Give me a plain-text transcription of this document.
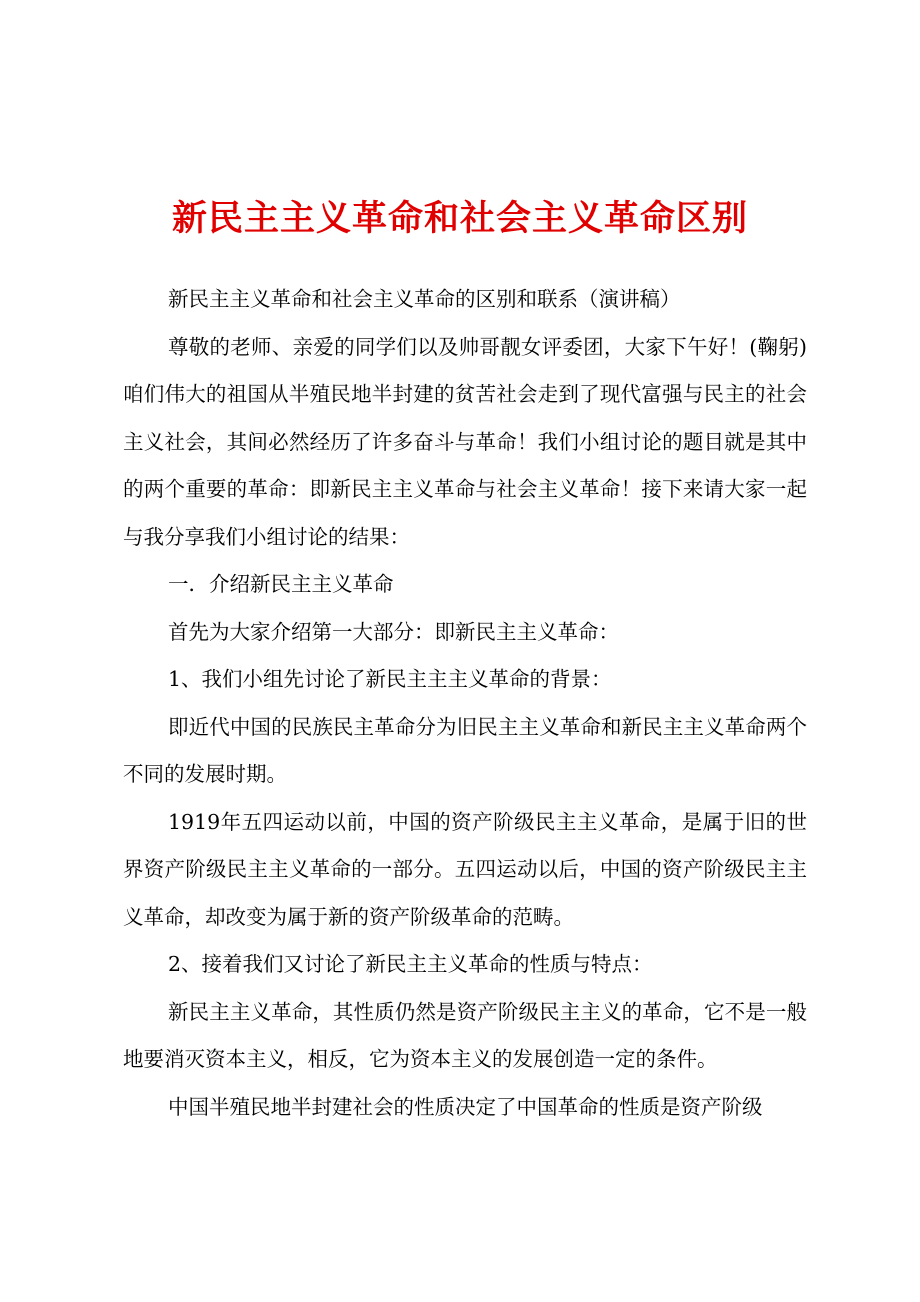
新民主主义革命和社会主义革命区别

新民主主义革命和社会主义革命的区别和联系（演讲稿）

尊敬的老师、亲爱的同学们以及帅哥靓女评委团，大家下午好！(鞠躬)咱们伟大的祖国从半殖民地半封建的贫苦社会走到了现代富强与民主的社会主义社会，其间必然经历了许多奋斗与革命！我们小组讨论的题目就是其中的两个重要的革命：即新民主主义革命与社会主义革命！接下来请大家一起与我分享我们小组讨论的结果：

一．介绍新民主主义革命

首先为大家介绍第一大部分：即新民主主义革命：

1、我们小组先讨论了新民主主主义革命的背景：

即近代中国的民族民主革命分为旧民主主义革命和新民主主义革命两个不同的发展时期。

1919年五四运动以前，中国的资产阶级民主主义革命，是属于旧的世界资产阶级民主主义革命的一部分。五四运动以后，中国的资产阶级民主主义革命，却改变为属于新的资产阶级革命的范畴。

2、接着我们又讨论了新民主主义革命的性质与特点：

新民主主义革命，其性质仍然是资产阶级民主主义的革命，它不是一般地要消灭资本主义，相反，它为资本主义的发展创造一定的条件。

中国半殖民地半封建社会的性质决定了中国革命的性质是资产阶级
